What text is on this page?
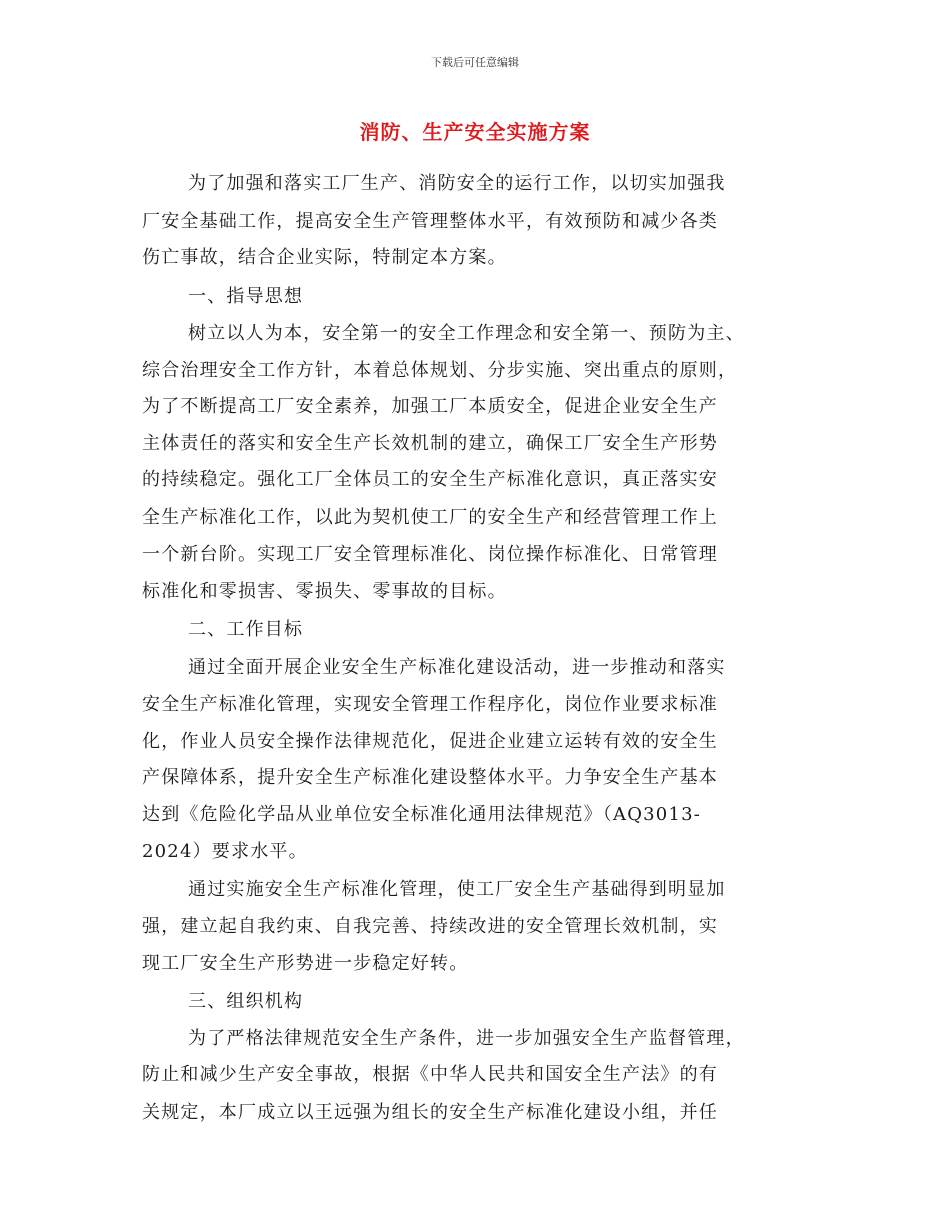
下载后可任意编辑
消防、生产安全实施方案
为了加强和落实工厂生产、消防安全的运行工作，以切实加强我
厂安全基础工作，提高安全生产管理整体水平，有效预防和减少各类
伤亡事故，结合企业实际，特制定本方案。
一、指导思想
树立以人为本，安全第一的安全工作理念和安全第一、预防为主、
综合治理安全工作方针，本着总体规划、分步实施、突出重点的原则，
为了不断提高工厂安全素养，加强工厂本质安全，促进企业安全生产
主体责任的落实和安全生产长效机制的建立，确保工厂安全生产形势
的持续稳定。强化工厂全体员工的安全生产标准化意识，真正落实安
全生产标准化工作，以此为契机使工厂的安全生产和经营管理工作上
一个新台阶。实现工厂安全管理标准化、岗位操作标准化、日常管理
标准化和零损害、零损失、零事故的目标。
二、工作目标
通过全面开展企业安全生产标准化建设活动，进一步推动和落实
安全生产标准化管理，实现安全管理工作程序化，岗位作业要求标准
化，作业人员安全操作法律规范化，促进企业建立运转有效的安全生
产保障体系，提升安全生产标准化建设整体水平。力争安全生产基本
达到《危险化学品从业单位安全标准化通用法律规范》（AQ3013-
2024）要求水平。
通过实施安全生产标准化管理，使工厂安全生产基础得到明显加
强，建立起自我约束、自我完善、持续改进的安全管理长效机制，实
现工厂安全生产形势进一步稳定好转。
三、组织机构
为了严格法律规范安全生产条件，进一步加强安全生产监督管理，
防止和减少生产安全事故，根据《中华人民共和国安全生产法》的有
关规定，本厂成立以王远强为组长的安全生产标准化建设小组，并任
